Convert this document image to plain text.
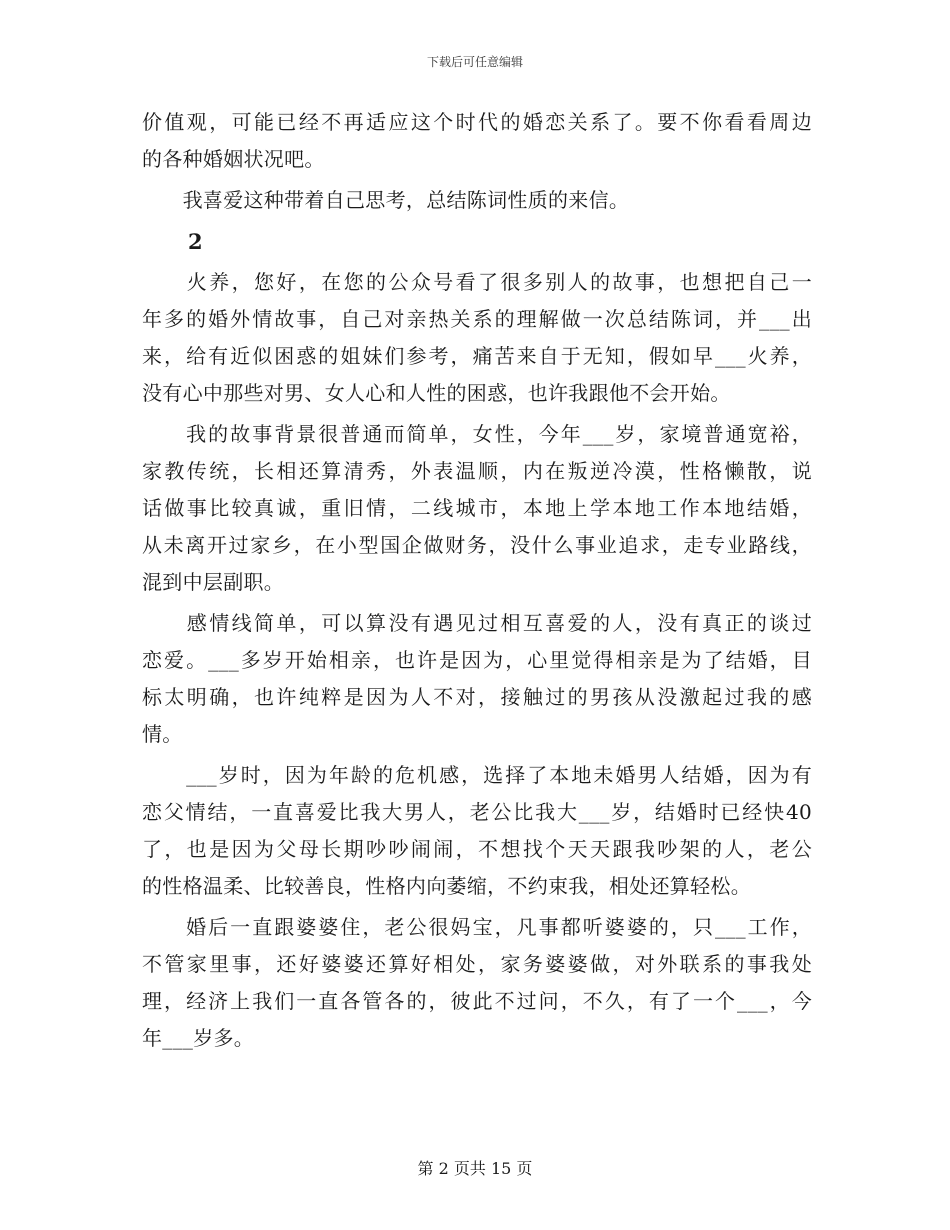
下载后可任意编辑
价值观，可能已经不再适应这个时代的婚恋关系了。要不你看看周边
的各种婚姻状况吧。
　　我喜爱这种带着自己思考，总结陈词性质的来信。
2
　　火养，您好，在您的公众号看了很多别人的故事，也想把自己一
年多的婚外情故事，自己对亲热关系的理解做一次总结陈词，并___出
来，给有近似困惑的姐妹们参考，痛苦来自于无知，假如早___火养，
没有心中那些对男、女人心和人性的困惑，也许我跟他不会开始。
　　我的故事背景很普通而简单，女性，今年___岁，家境普通宽裕，
家教传统，长相还算清秀，外表温顺，内在叛逆冷漠，性格懒散，说
话做事比较真诚，重旧情，二线城市，本地上学本地工作本地结婚，
从未离开过家乡，在小型国企做财务，没什么事业追求，走专业路线，
混到中层副职。
　　感情线简单，可以算没有遇见过相互喜爱的人，没有真正的谈过
恋爱。___多岁开始相亲，也许是因为，心里觉得相亲是为了结婚，目
标太明确，也许纯粹是因为人不对，接触过的男孩从没激起过我的感
情。
　　___岁时，因为年龄的危机感，选择了本地未婚男人结婚，因为有
恋父情结，一直喜爱比我大男人，老公比我大___岁，结婚时已经快40
了，也是因为父母长期吵吵闹闹，不想找个天天跟我吵架的人，老公
的性格温柔、比较善良，性格内向萎缩，不约束我，相处还算轻松。
　　婚后一直跟婆婆住，老公很妈宝，凡事都听婆婆的，只___工作，
不管家里事，还好婆婆还算好相处，家务婆婆做，对外联系的事我处
理，经济上我们一直各管各的，彼此不过问，不久，有了一个___，今
年___岁多。
第 2 页共 15 页
